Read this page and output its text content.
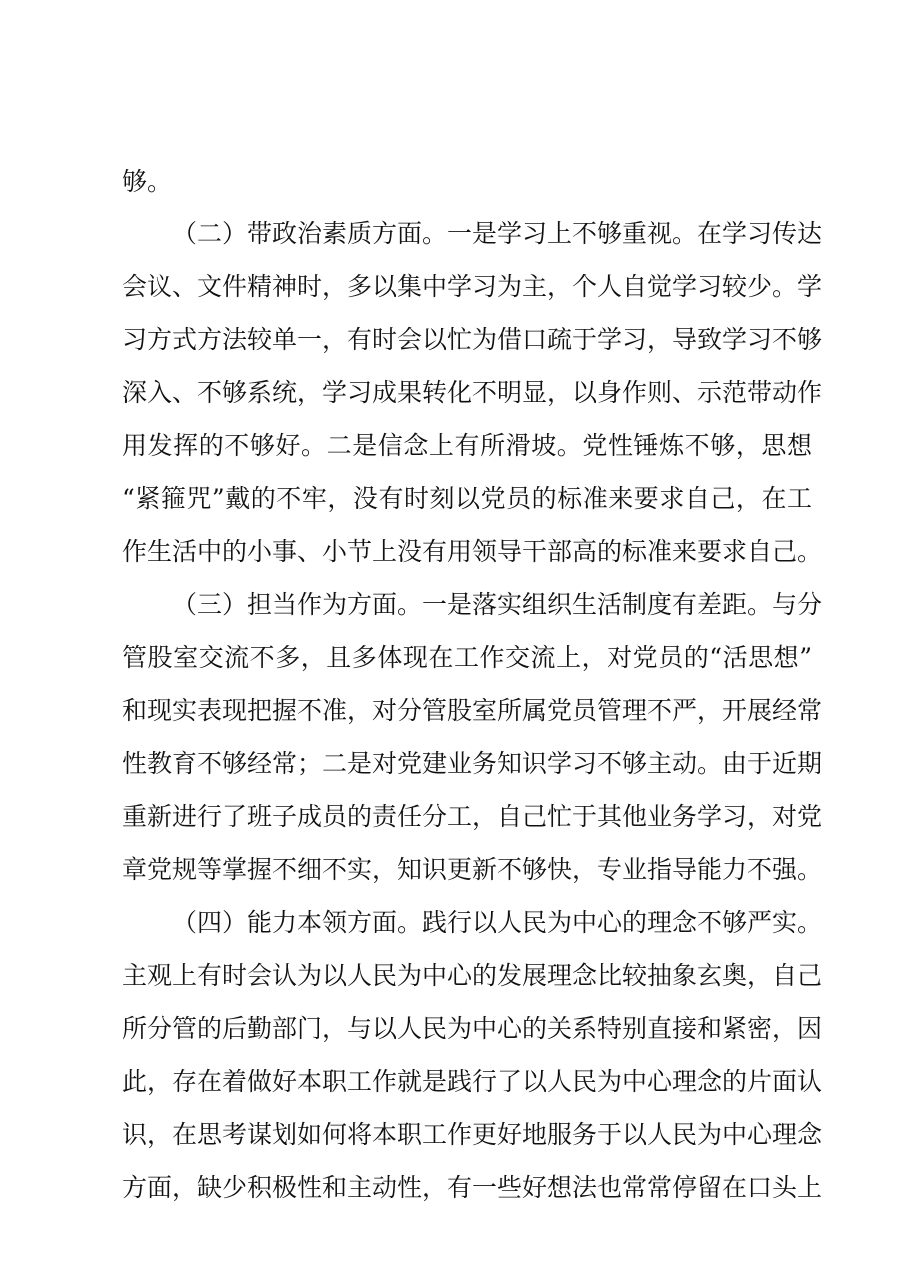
够。
（二）带政治素质方面。一是学习上不够重视。在学习传达
会议、文件精神时，多以集中学习为主，个人自觉学习较少。学
习方式方法较单一，有时会以忙为借口疏于学习，导致学习不够
深入、不够系统，学习成果转化不明显，以身作则、示范带动作
用发挥的不够好。二是信念上有所滑坡。党性锤炼不够，思想
“紧箍咒”戴的不牢，没有时刻以党员的标准来要求自己，在工
作生活中的小事、小节上没有用领导干部高的标准来要求自己。
（三）担当作为方面。一是落实组织生活制度有差距。与分
管股室交流不多，且多体现在工作交流上，对党员的“活思想”
和现实表现把握不准，对分管股室所属党员管理不严，开展经常
性教育不够经常；二是对党建业务知识学习不够主动。由于近期
重新进行了班子成员的责任分工，自己忙于其他业务学习，对党
章党规等掌握不细不实，知识更新不够快，专业指导能力不强。
（四）能力本领方面。践行以人民为中心的理念不够严实。
主观上有时会认为以人民为中心的发展理念比较抽象玄奥，自己
所分管的后勤部门，与以人民为中心的关系特别直接和紧密，因
此，存在着做好本职工作就是践行了以人民为中心理念的片面认
识，在思考谋划如何将本职工作更好地服务于以人民为中心理念
方面，缺少积极性和主动性，有一些好想法也常常停留在口头上
